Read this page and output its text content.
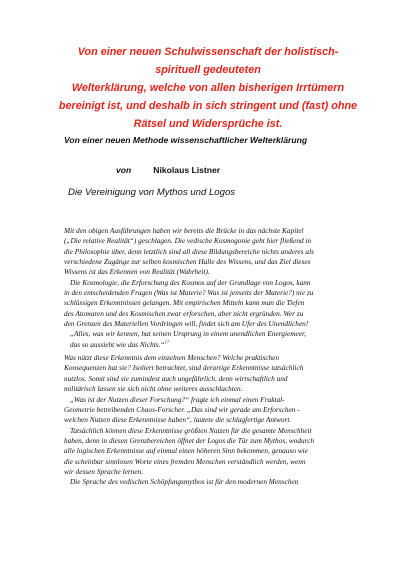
Von einer neuen Schulwissenschaft der holistisch-
spirituell gedeuteten
Welterklärung, welche von allen bisherigen Irrtümern
bereinigt ist, und deshalb in sich stringent und (fast) ohne
Rätsel und Widersprüche ist.

Von einer neuen Methode wissenschaftlicher Welterklärung

von	Nikolaus Listner

Die Vereinigung von Mythos und Logos
Mit den obigen Ausführungen haben wir bereits die Brücke in das nächste Kapitel
(„Die relative Realität“) geschlagen. Die vedische Kosmogonie geht hier fließend in
die Philosophie über, denn letztlich sind all diese Bildungsbereiche nichts anderes als
verschiedene Zugänge zur selben kosmischen Halle des Wissens, und das Ziel dieses
Wissens ist das Erkennen von Realität (Wahrheit).
Die Kosmologie, die Erforschung des Kosmos auf der Grundlage von Logos, kann
in den entscheidenden Fragen (Was ist Materie? Was ist jenseits der Materie?) nie zu
schlüssigen Erkenntnissen gelangen. Mit empirischen Mitteln kann man die Tiefen
des Atomaren und des Kosmischen zwar erforschen, aber nicht ergründen. Wer zu
den Grenzen des Materiellen Vordringen will, findet sich am Ufer des Unendlichen!
„Alles, was wir kennen, hat seinen Ursprung in einem unendlichen Energiemeer,
das so aussieht wie das Nichts.“$^{17}$
Was nützt diese Erkenntnis dem einzelnen Menschen? Welche praktischen
Konsequenzen hat sie? Isoliert betrachtet, sind derartige Erkenntnisse tatsächlich
nutzlos. Somit sind sie zumindest auch ungefährlich, denn wirtschaftlich und
militärisch lassen sie sich nicht ohne weiteres ausschlachten.
„Was ist der Nutzen dieser Forschung?“ fragte ich einmal einen Fraktal-
Geometrie betreibenden Chaos-Forscher. „Das sind wir gerade am Erforschen -
welchen Nutzen diese Erkenntnisse haben“, lautete die schlagfertige Antwort.
Tatsächlich können diese Erkenntnisse größten Nutzen für die gesamte Menschheit
haben, denn in diesen Grenzbereichen öffnet der Logos die Tür zum Mythos, wodurch
alle logischen Erkenntnisse auf einmal einen höheren Sinn bekommen, genauso wie
die scheinbar sinnlosen Worte eines fremden Menschen verständlich werden, wenn
wir dessen Sprache lernen.
Die Sprache des vedischen Schöpfungsmythos ist für den modernen Menschen
